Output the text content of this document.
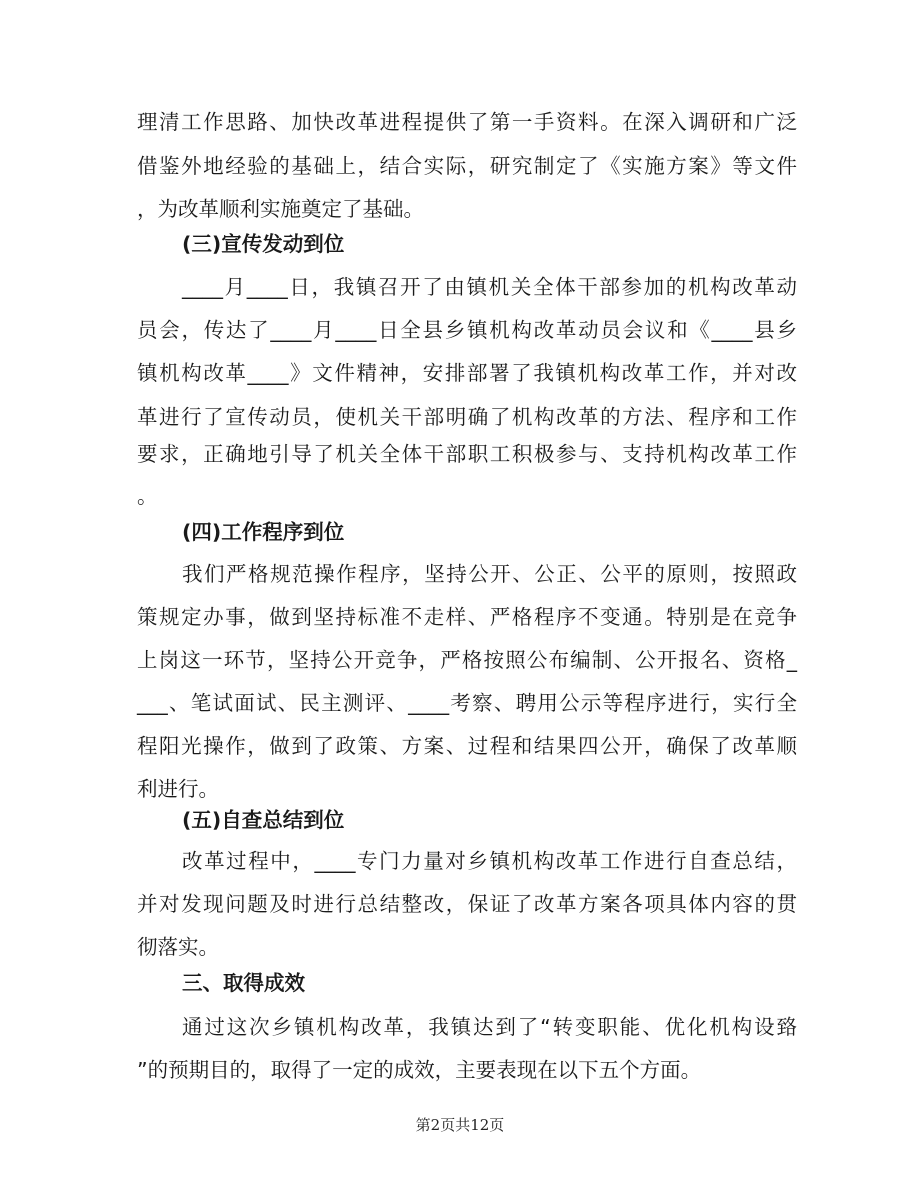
理清工作思路、加快改革进程提供了第一手资料。在深入调研和广泛
借鉴外地经验的基础上，结合实际，研究制定了《实施方案》等文件
，为改革顺利实施奠定了基础。
(三)宣传发动到位
____月____日，我镇召开了由镇机关全体干部参加的机构改革动
员会，传达了____月____日全县乡镇机构改革动员会议和《____县乡
镇机构改革____》文件精神，安排部署了我镇机构改革工作，并对改
革进行了宣传动员，使机关干部明确了机构改革的方法、程序和工作
要求，正确地引导了机关全体干部职工积极参与、支持机构改革工作
。
(四)工作程序到位
我们严格规范操作程序，坚持公开、公正、公平的原则，按照政
策规定办事，做到坚持标准不走样、严格程序不变通。特别是在竞争
上岗这一环节，坚持公开竞争，严格按照公布编制、公开报名、资格_
___、笔试面试、民主测评、____考察、聘用公示等程序进行，实行全
程阳光操作，做到了政策、方案、过程和结果四公开，确保了改革顺
利进行。
(五)自查总结到位
改革过程中，____专门力量对乡镇机构改革工作进行自查总结，
并对发现问题及时进行总结整改，保证了改革方案各项具体内容的贯
彻落实。
三、取得成效
通过这次乡镇机构改革，我镇达到了“转变职能、优化机构设臵
第2页共12页
”的预期目的，取得了一定的成效，主要表现在以下五个方面。
